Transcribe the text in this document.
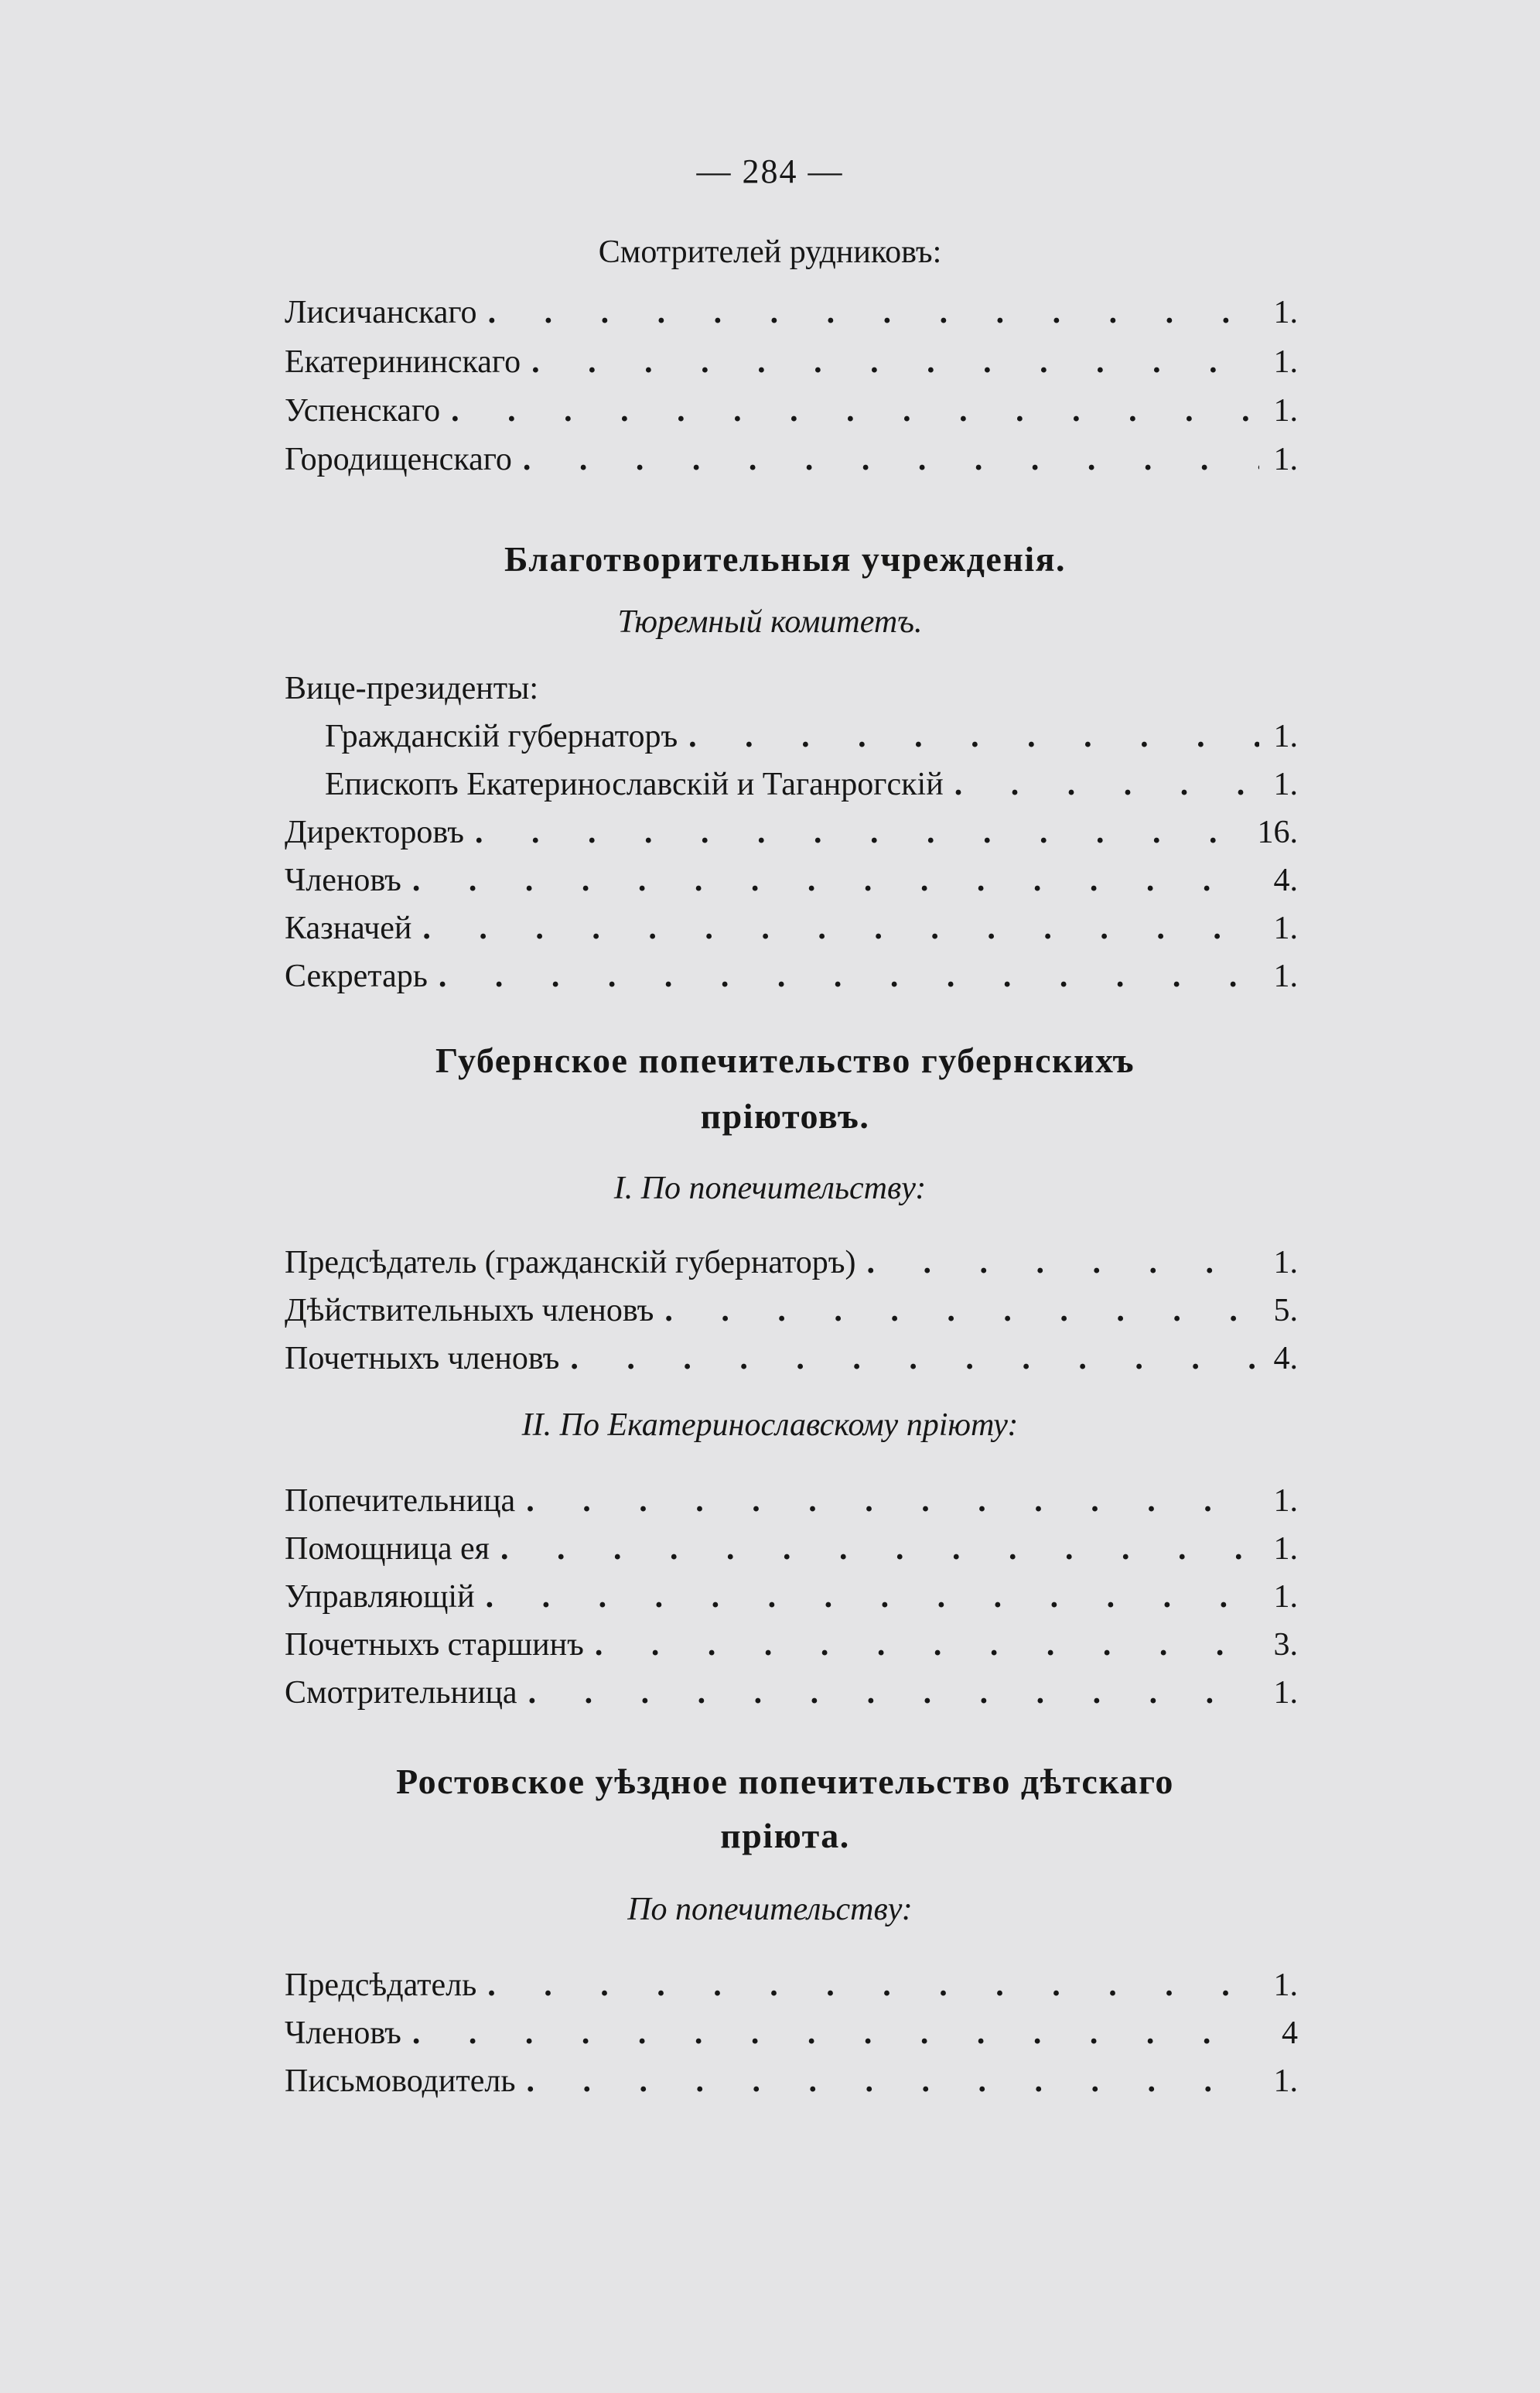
— 284 —
Смотрителей рудниковъ:
Лисичанскаго . . .	1.
Екатерининскаго . . .	1.
Успенскаго . . .	1.
Городищенскаго . . .	1.
Благотворительныя учрежденія.
Тюремный комитетъ.
Вице-президенты:
Гражданскій губернаторъ . . .	1.
Епископъ Екатеринославскій и Таганрогскій . . .	1.
Директоровъ . . .	16.
Членовъ . . .	4.
Казначей . . .	1.
Секретарь . . .	1.
Губернское попечительство губернскихъ
пріютовъ.
I. По попечительству:
Предсѣдатель (гражданскій губернаторъ) . . .	1.
Дѣйствительныхъ членовъ . . .	5.
Почетныхъ членовъ . . .	4.
II. По Екатеринославскому пріюту:
Попечительница . . .	1.
Помощница ея . . .	1.
Управляющій . . .	1.
Почетныхъ старшинъ . . .	3.
Смотрительница . . .	1.
Ростовское уѣздное попечительство дѣтскаго
пріюта.
По попечительству:
Предсѣдатель . . .	1.
Членовъ . . .	4
Письмоводитель . . .	1.
